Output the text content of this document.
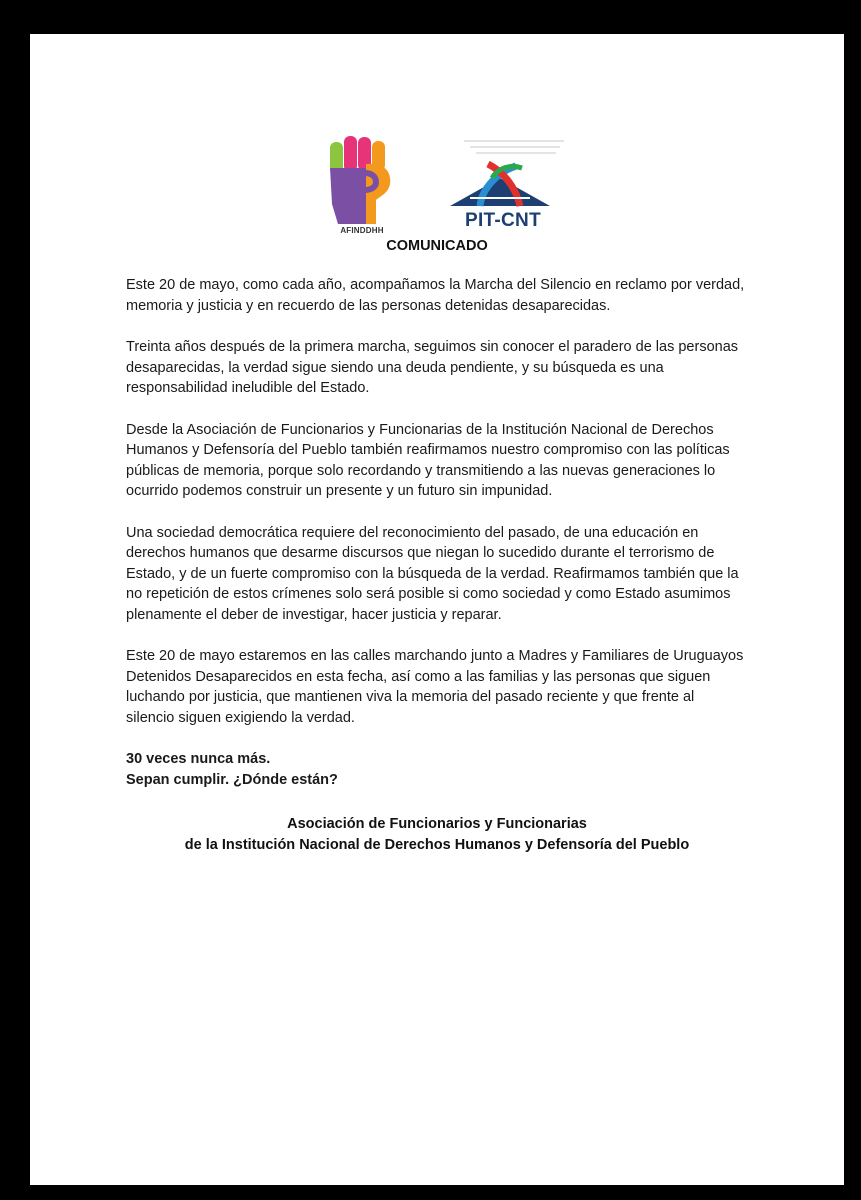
AFINDDHH	PIT-CNT
COMUNICADO

Este 20 de mayo, como cada año, acompañamos la Marcha del Silencio en reclamo por verdad, memoria y justicia y en recuerdo de las personas detenidas desaparecidas.

Treinta años después de la primera marcha, seguimos sin conocer el paradero de las personas desaparecidas, la verdad sigue siendo una deuda pendiente, y su búsqueda es una responsabilidad ineludible del Estado.

Desde la Asociación de Funcionarios y Funcionarias de la Institución Nacional de Derechos Humanos y Defensoría del Pueblo también reafirmamos nuestro compromiso con las políticas públicas de memoria, porque solo recordando y transmitiendo a las nuevas generaciones lo ocurrido podemos construir un presente y un futuro sin impunidad.

Una sociedad democrática requiere del reconocimiento del pasado, de una educación en derechos humanos que desarme discursos que niegan lo sucedido durante el terrorismo de Estado, y de un fuerte compromiso con la búsqueda de la verdad. Reafirmamos también que la no repetición de estos crímenes solo será posible si como sociedad y como Estado asumimos plenamente el deber de investigar, hacer justicia y reparar.

Este 20 de mayo estaremos en las calles marchando junto a Madres y Familiares de Uruguayos Detenidos Desaparecidos en esta fecha, así como a las familias y las personas que siguen luchando por justicia, que mantienen viva la memoria del pasado reciente y que frente al silencio siguen exigiendo la verdad.

30 veces nunca más.

Sepan cumplir. ¿Dónde están?

Asociación de Funcionarios y Funcionarias
de la Institución Nacional de Derechos Humanos y Defensoría del Pueblo
